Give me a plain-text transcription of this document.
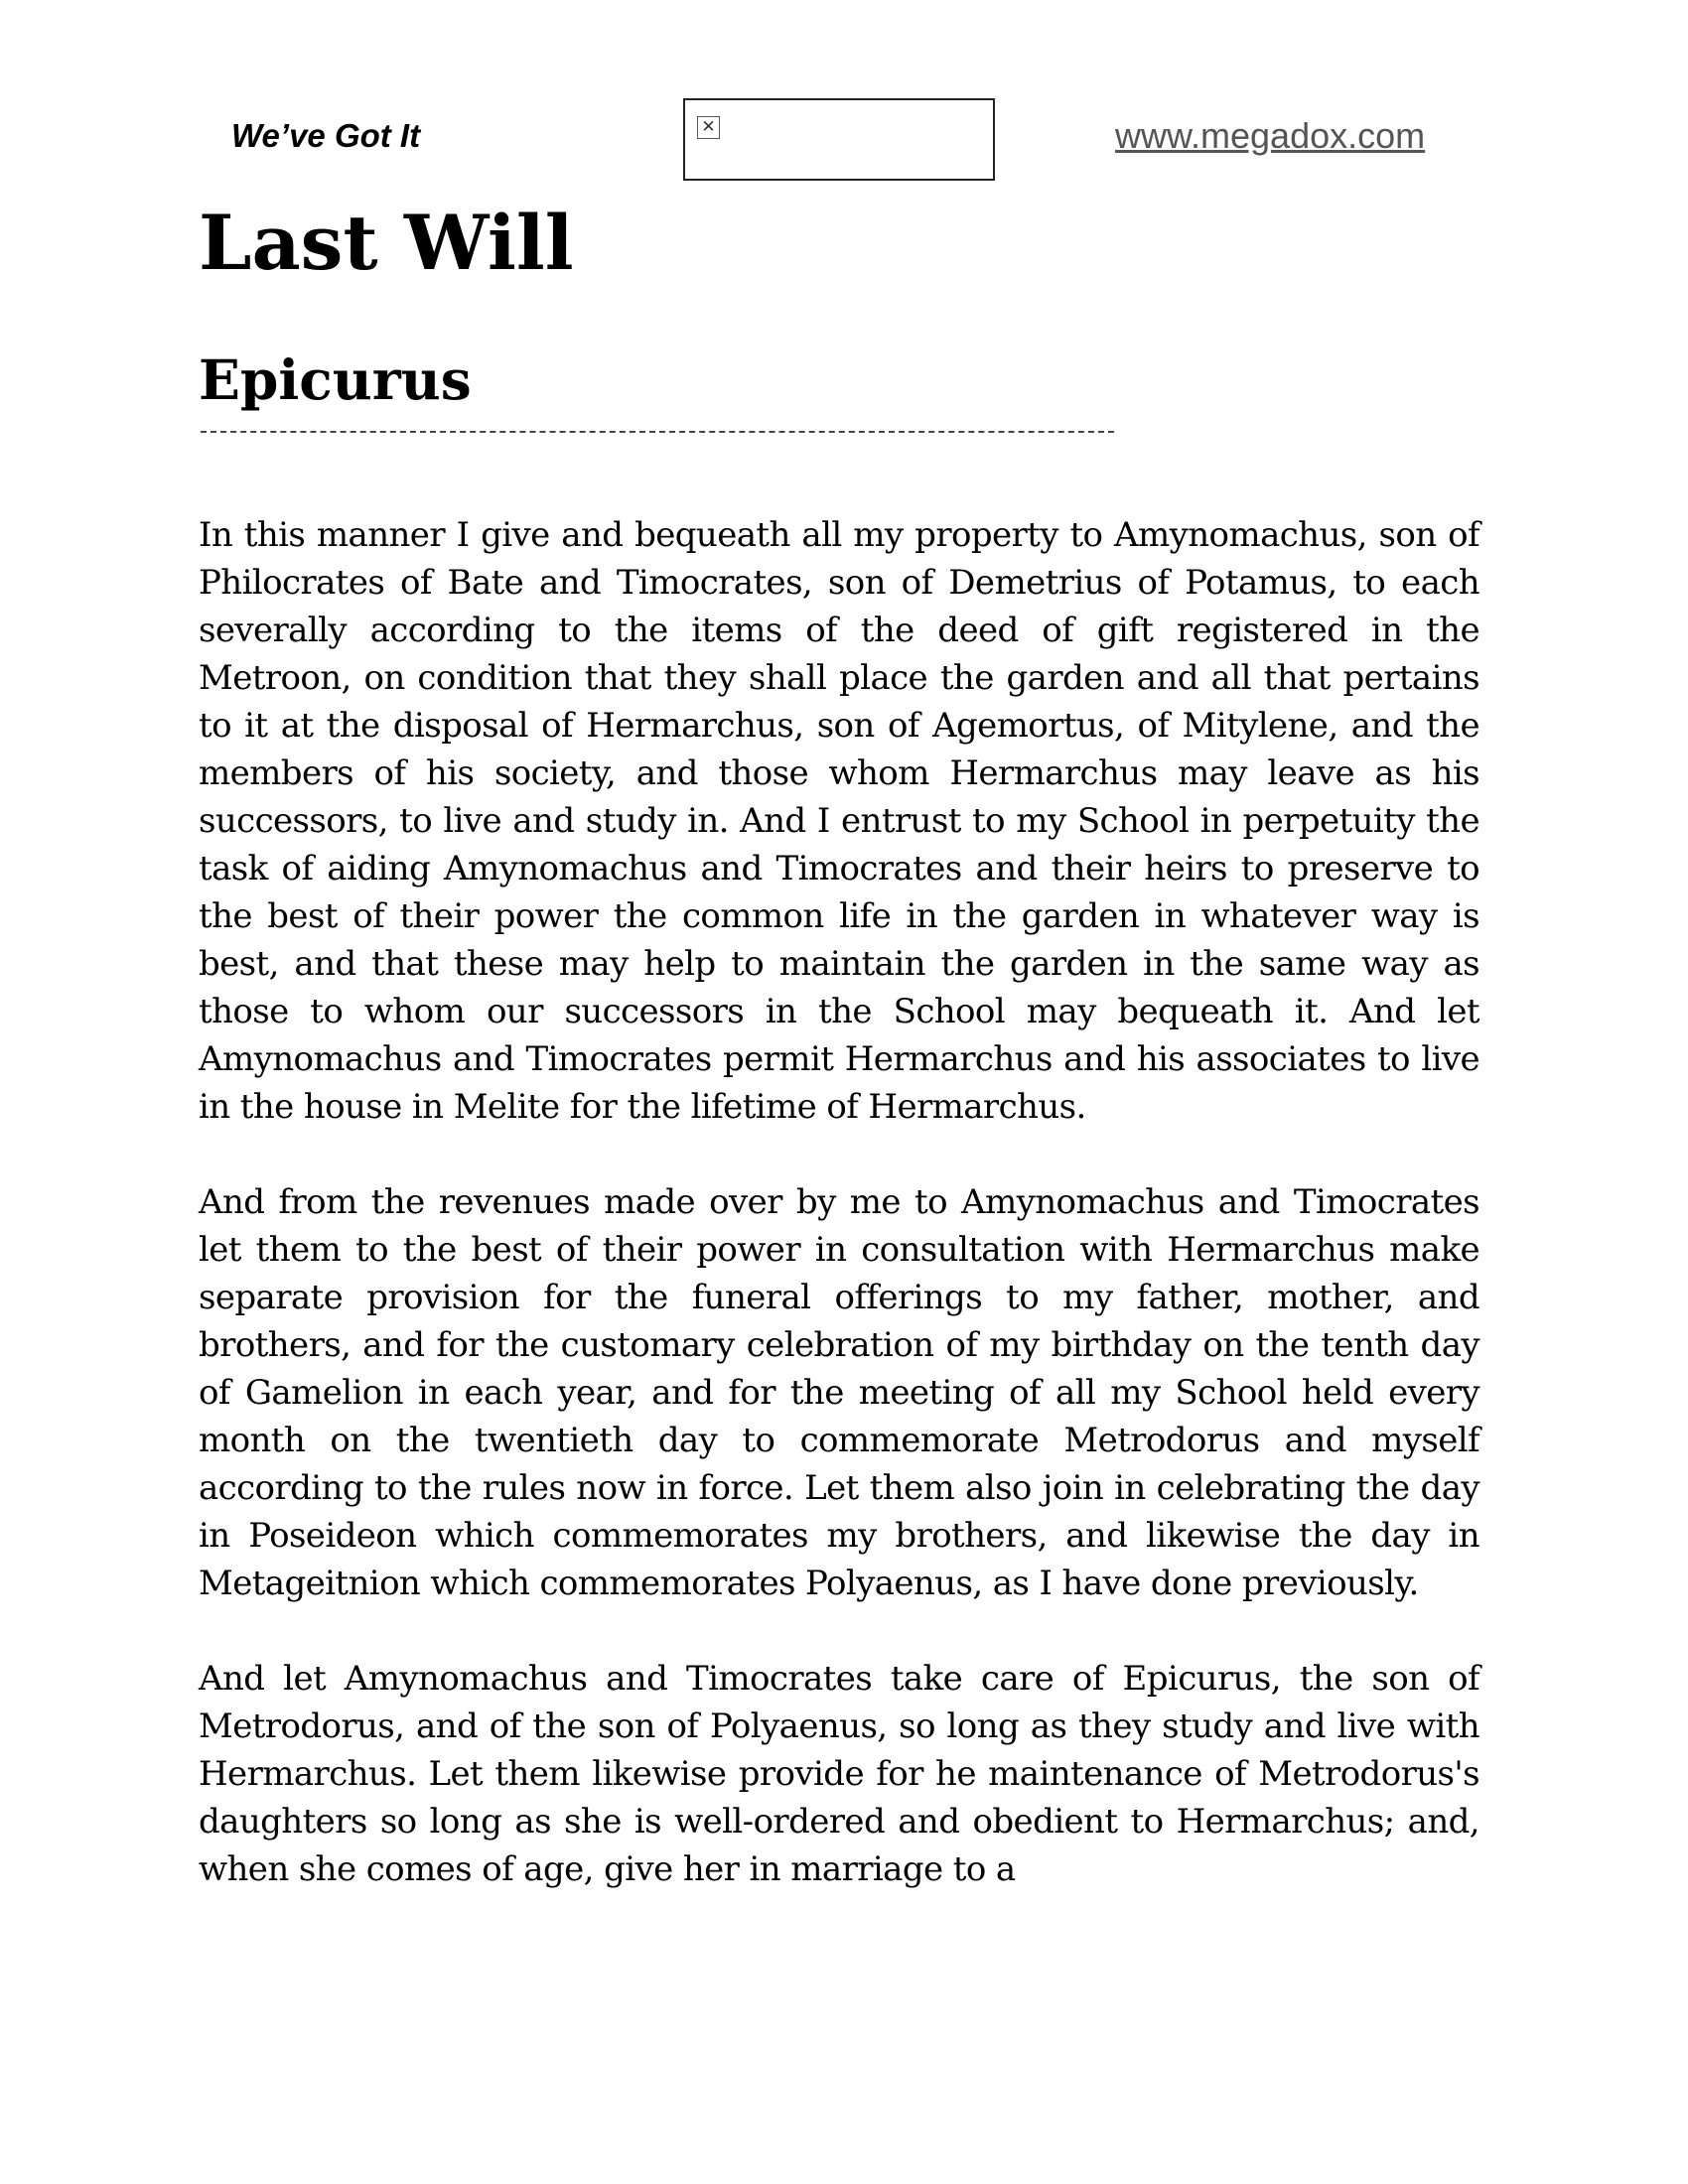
We’ve Got It	✕	www.megadox.com
Last Will
Epicurus

In this manner I give and bequeath all my property to Amynomachus, son of Philocrates of Bate and Timocrates, son of Demetrius of Potamus, to each severally according to the items of the deed of gift registered in the Metroon, on condition that they shall place the garden and all that pertains to it at the disposal of Hermarchus, son of Agemortus, of Mitylene, and the members of his society, and those whom Hermarchus may leave as his successors, to live and study in. And I entrust to my School in perpetuity the task of aiding Amynomachus and Timocrates and their heirs to preserve to the best of their power the common life in the garden in whatever way is best, and that these may help to maintain the garden in the same way as those to whom our successors in the School may bequeath it. And let Amynomachus and Timocrates permit Hermarchus and his associates to live in the house in Melite for the lifetime of Hermarchus.

And from the revenues made over by me to Amynomachus and Timocrates let them to the best of their power in consultation with Hermarchus make separate provision for the funeral offerings to my father, mother, and brothers, and for the customary celebration of my birthday on the tenth day of Gamelion in each year, and for the meeting of all my School held every month on the twentieth day to commemorate Metrodorus and myself according to the rules now in force. Let them also join in celebrating the day in Poseideon which commemorates my brothers, and likewise the day in Metageitnion which commemorates Polyaenus, as I have done previously.

And let Amynomachus and Timocrates take care of Epicurus, the son of Metrodorus, and of the son of Polyaenus, so long as they study and live with Hermarchus. Let them likewise provide for he maintenance of Metrodorus's daughters so long as she is well-ordered and obedient to Hermarchus; and, when she comes of age, give her in marriage to a
